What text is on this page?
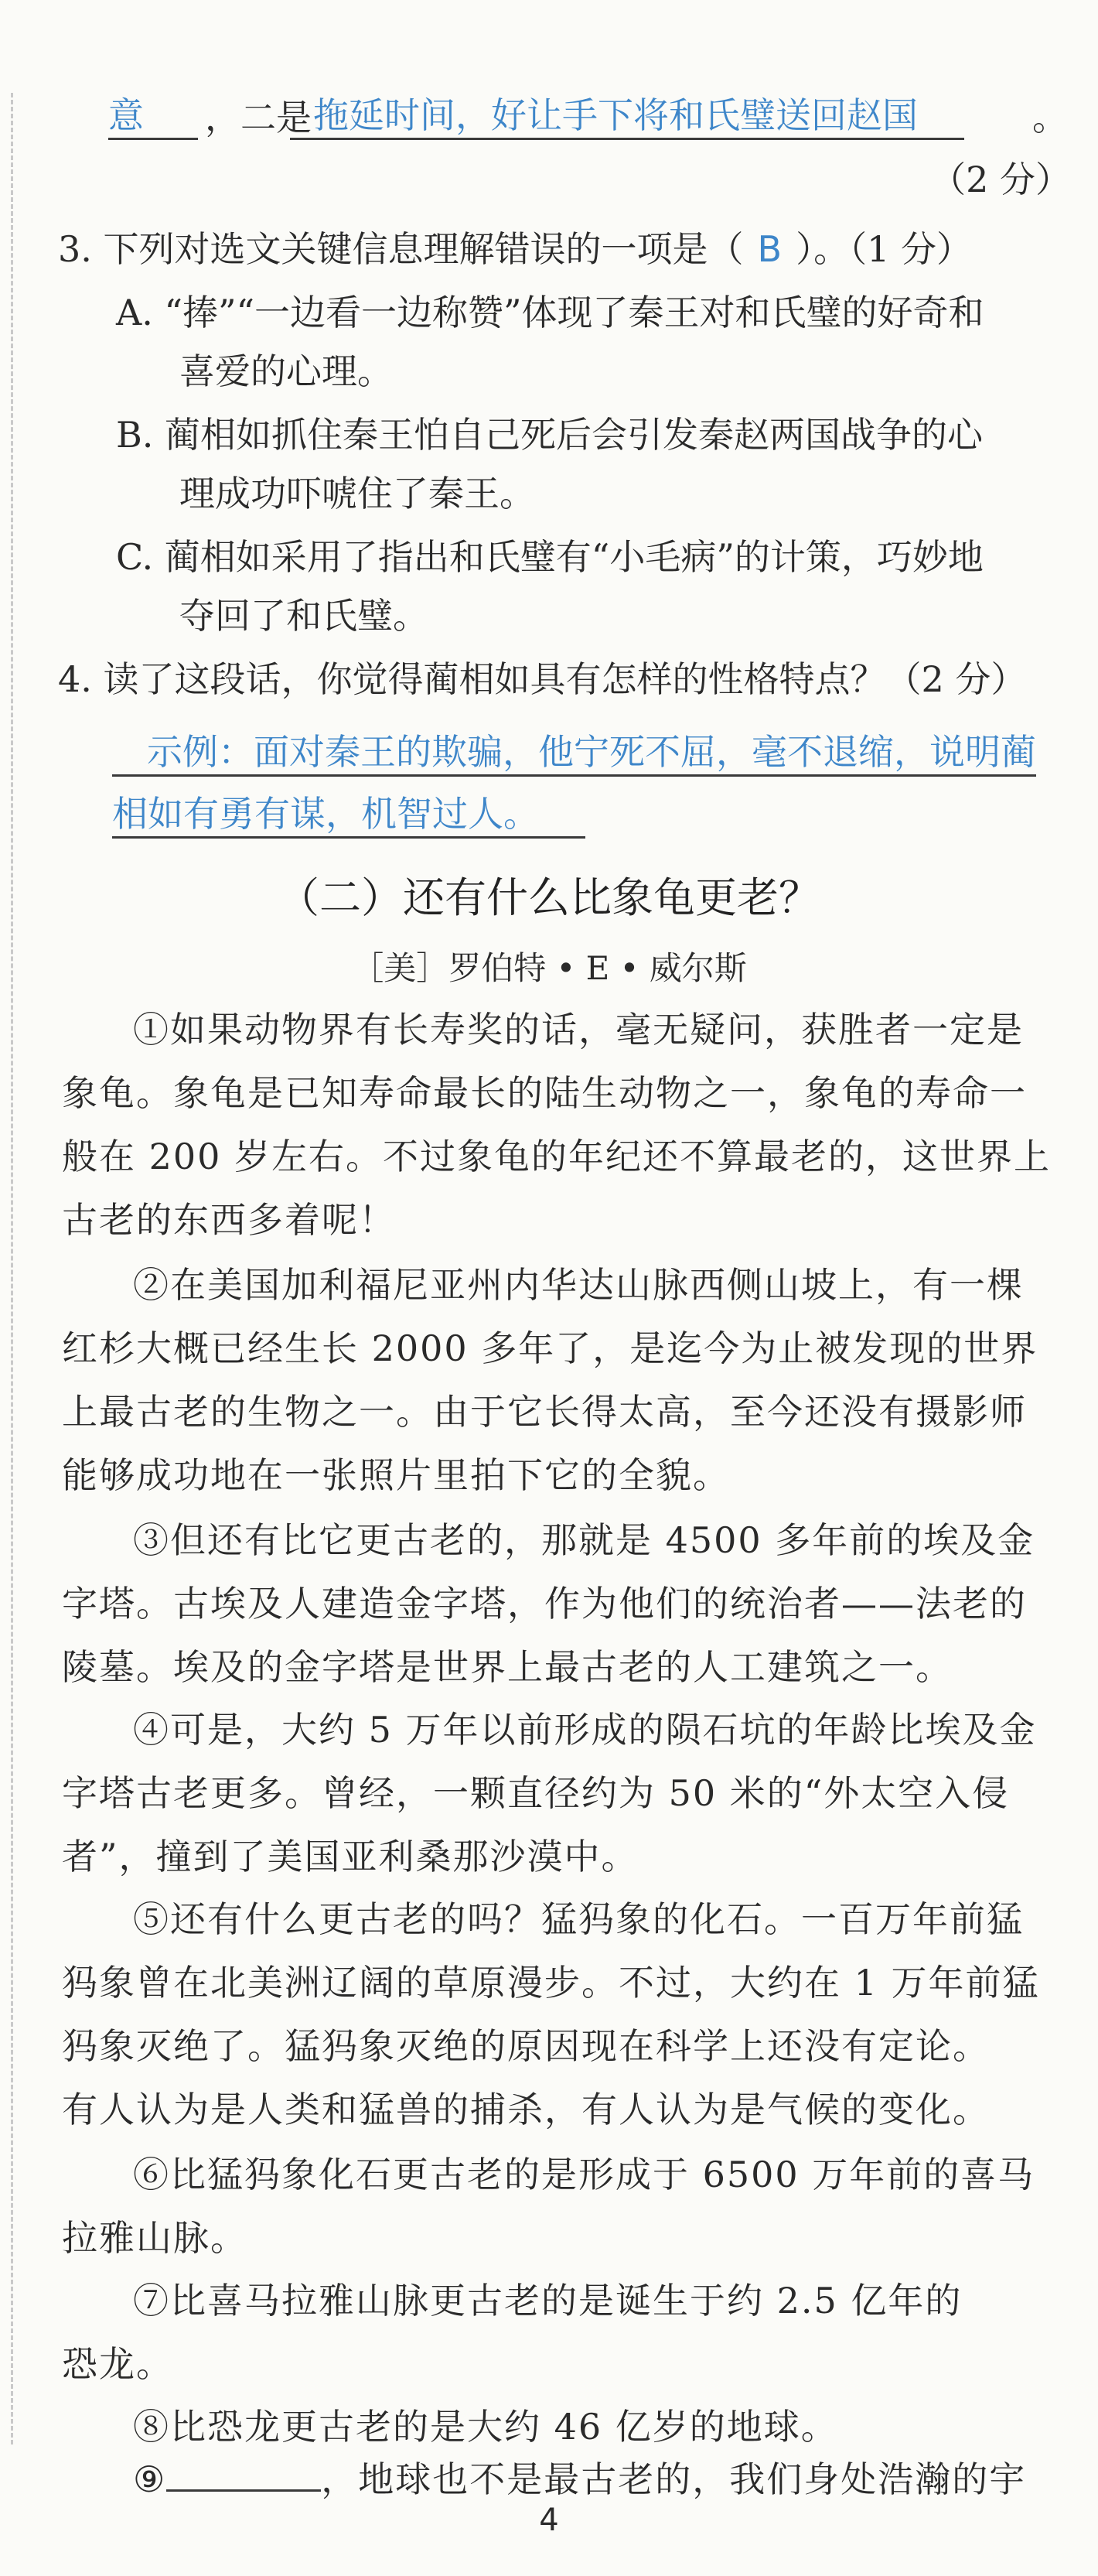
意	，二是 拖延时间，好让手下将和氏璧送回赵国	。
（2 分）
3. 下列对选文关键信息理解错误的一项是（ B ）。（1 分）
A. “捧”“一边看一边称赞”体现了秦王对和氏璧的好奇和
喜爱的心理。
B. 蔺相如抓住秦王怕自己死后会引发秦赵两国战争的心
理成功吓唬住了秦王。
C. 蔺相如采用了指出和氏璧有“小毛病”的计策，巧妙地
夺回了和氏璧。
4. 读了这段话，你觉得蔺相如具有怎样的性格特点？（2 分）
示例：面对秦王的欺骗，他宁死不屈，毫不退缩，说明蔺
相如有勇有谋，机智过人。
（二）还有什么比象龟更老？
［美］罗伯特 • E • 威尔斯
①如果动物界有长寿奖的话，毫无疑问，获胜者一定是
象龟。象龟是已知寿命最长的陆生动物之一，象龟的寿命一
般在 200 岁左右。不过象龟的年纪还不算最老的，这世界上
古老的东西多着呢！
②在美国加利福尼亚州内华达山脉西侧山坡上，有一棵
红杉大概已经生长 2000 多年了，是迄今为止被发现的世界
上最古老的生物之一。由于它长得太高，至今还没有摄影师
能够成功地在一张照片里拍下它的全貌。
③但还有比它更古老的，那就是 4500 多年前的埃及金
字塔。古埃及人建造金字塔，作为他们的统治者——法老的
陵墓。埃及的金字塔是世界上最古老的人工建筑之一。
④可是，大约 5 万年以前形成的陨石坑的年龄比埃及金
字塔古老更多。曾经，一颗直径约为 50 米的“外太空入侵
者”，撞到了美国亚利桑那沙漠中。
⑤还有什么更古老的吗？猛犸象的化石。一百万年前猛
犸象曾在北美洲辽阔的草原漫步。不过，大约在 1 万年前猛
犸象灭绝了。猛犸象灭绝的原因现在科学上还没有定论。
有人认为是人类和猛兽的捕杀，有人认为是气候的变化。
⑥比猛犸象化石更古老的是形成于 6500 万年前的喜马
拉雅山脉。
⑦比喜马拉雅山脉更古老的是诞生于约 2.5 亿年的
恐龙。
⑧比恐龙更古老的是大约 46 亿岁的地球。
⑨	，地球也不是最古老的，我们身处浩瀚的宇
4
